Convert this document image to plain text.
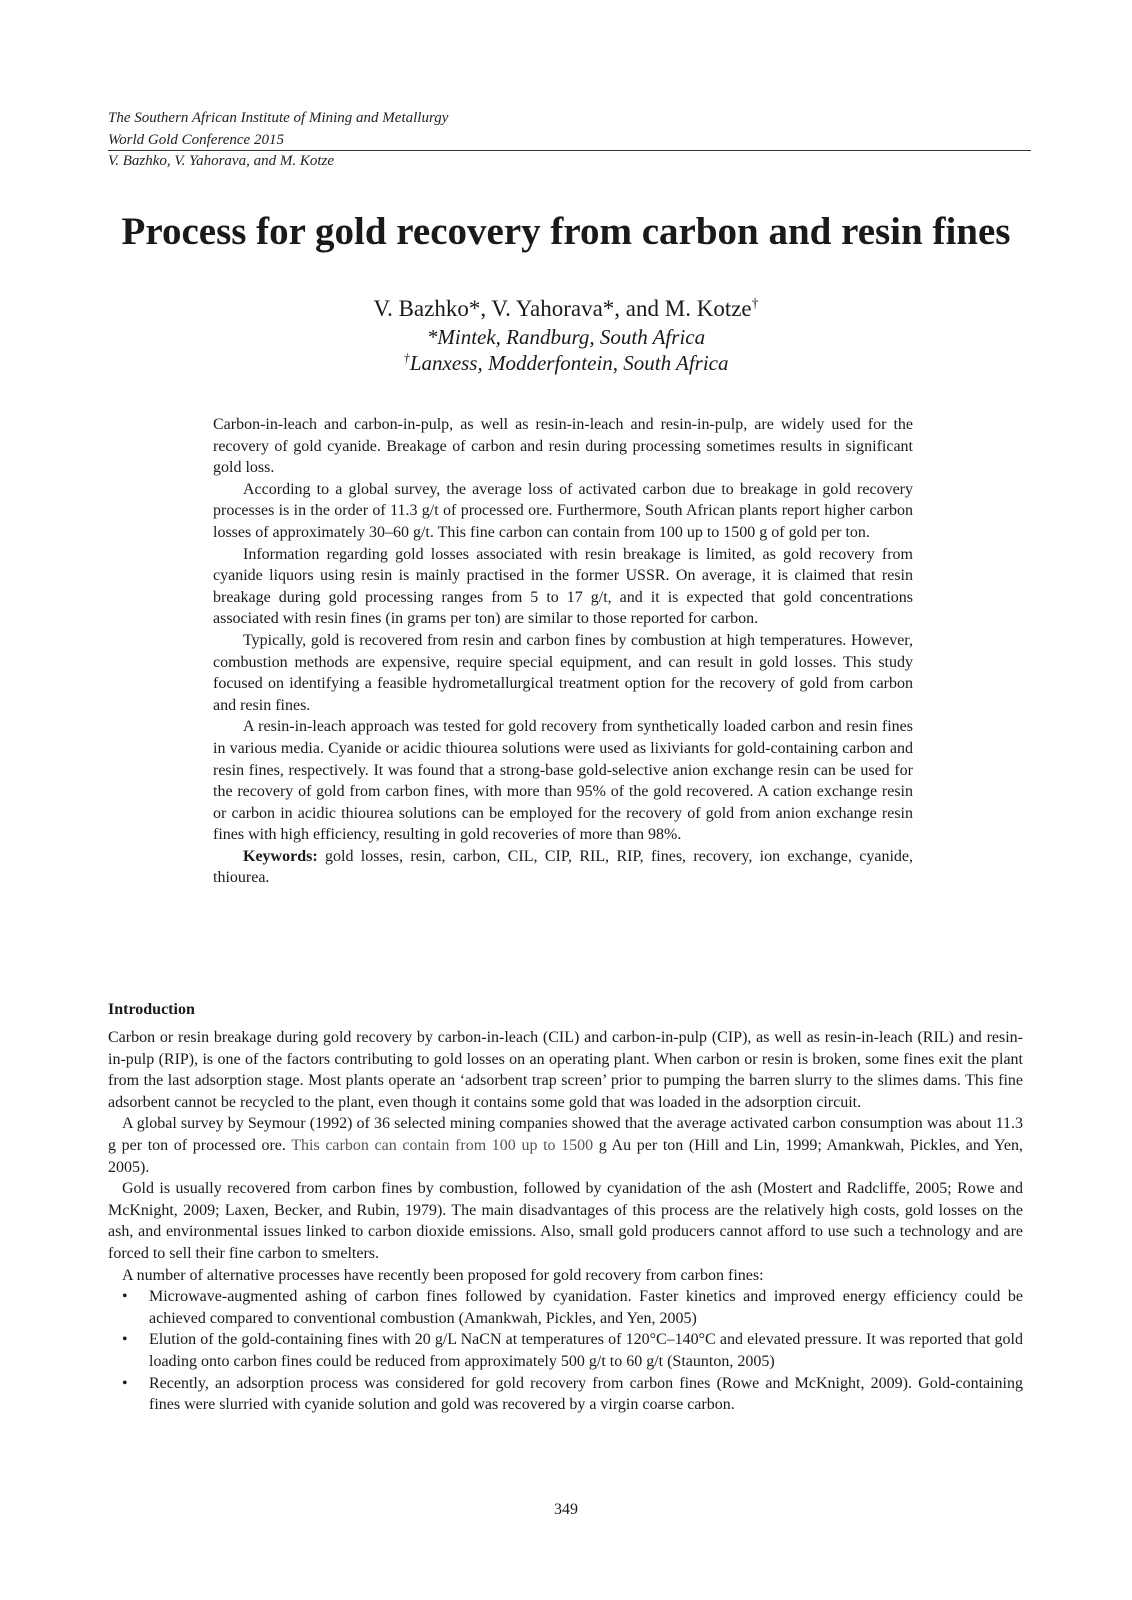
The Southern African Institute of Mining and Metallurgy
World Gold Conference 2015
V. Bazhko, V. Yahorava, and M. Kotze
Process for gold recovery from carbon and resin fines
V. Bazhko*, V. Yahorava*, and M. Kotze†
*Mintek, Randburg, South Africa
†Lanxess, Modderfontein, South Africa

Carbon-in-leach and carbon-in-pulp, as well as resin-in-leach and resin-in-pulp, are widely used for the recovery of gold cyanide. Breakage of carbon and resin during processing sometimes results in significant gold loss.

According to a global survey, the average loss of activated carbon due to breakage in gold recovery processes is in the order of 11.3 g/t of processed ore. Furthermore, South African plants report higher carbon losses of approximately 30–60 g/t. This fine carbon can contain from 100 up to 1500 g of gold per ton.

Information regarding gold losses associated with resin breakage is limited, as gold recovery from cyanide liquors using resin is mainly practised in the former USSR. On average, it is claimed that resin breakage during gold processing ranges from 5 to 17 g/t, and it is expected that gold concentrations associated with resin fines (in grams per ton) are similar to those reported for carbon.

Typically, gold is recovered from resin and carbon fines by combustion at high temperatures. However, combustion methods are expensive, require special equipment, and can result in gold losses. This study focused on identifying a feasible hydrometallurgical treatment option for the recovery of gold from carbon and resin fines.

A resin-in-leach approach was tested for gold recovery from synthetically loaded carbon and resin fines in various media. Cyanide or acidic thiourea solutions were used as lixiviants for gold-containing carbon and resin fines, respectively. It was found that a strong-base gold-selective anion exchange resin can be used for the recovery of gold from carbon fines, with more than 95% of the gold recovered. A cation exchange resin or carbon in acidic thiourea solutions can be employed for the recovery of gold from anion exchange resin fines with high efficiency, resulting in gold recoveries of more than 98%.

Keywords: gold losses, resin, carbon, CIL, CIP, RIL, RIP, fines, recovery, ion exchange, cyanide, thiourea.

Introduction

Carbon or resin breakage during gold recovery by carbon-in-leach (CIL) and carbon-in-pulp (CIP), as well as resin-in-leach (RIL) and resin-in-pulp (RIP), is one of the factors contributing to gold losses on an operating plant. When carbon or resin is broken, some fines exit the plant from the last adsorption stage. Most plants operate an ‘adsorbent trap screen’ prior to pumping the barren slurry to the slimes dams. This fine adsorbent cannot be recycled to the plant, even though it contains some gold that was loaded in the adsorption circuit.

A global survey by Seymour (1992) of 36 selected mining companies showed that the average activated carbon consumption was about 11.3 g per ton of processed ore. This carbon can contain from 100 up to 1500 g Au per ton (Hill and Lin, 1999; Amankwah, Pickles, and Yen, 2005).

Gold is usually recovered from carbon fines by combustion, followed by cyanidation of the ash (Mostert and Radcliffe, 2005; Rowe and McKnight, 2009; Laxen, Becker, and Rubin, 1979). The main disadvantages of this process are the relatively high costs, gold losses on the ash, and environmental issues linked to carbon dioxide emissions. Also, small gold producers cannot afford to use such a technology and are forced to sell their fine carbon to smelters.

A number of alternative processes have recently been proposed for gold recovery from carbon fines:

• Microwave-augmented ashing of carbon fines followed by cyanidation. Faster kinetics and improved energy efficiency could be achieved compared to conventional combustion (Amankwah, Pickles, and Yen, 2005)
• Elution of the gold-containing fines with 20 g/L NaCN at temperatures of 120°C–140°C and elevated pressure. It was reported that gold loading onto carbon fines could be reduced from approximately 500 g/t to 60 g/t (Staunton, 2005)
• Recently, an adsorption process was considered for gold recovery from carbon fines (Rowe and McKnight, 2009). Gold-containing fines were slurried with cyanide solution and gold was recovered by a virgin coarse carbon.
349
